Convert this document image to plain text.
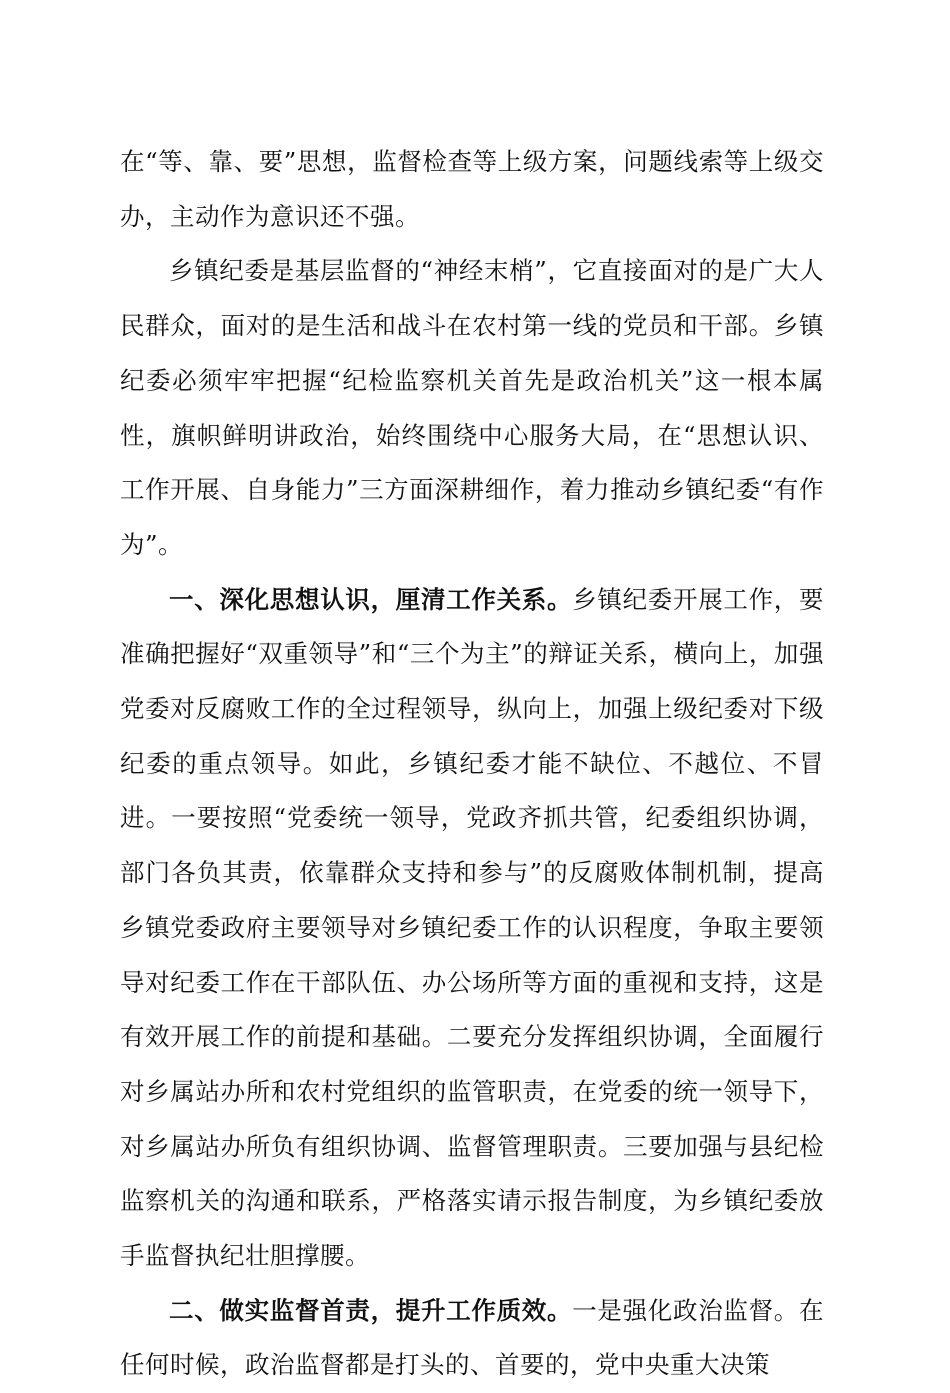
在“等、靠、要”思想，监督检查等上级方案，问题线索等上级交办，主动作为意识还不强。

乡镇纪委是基层监督的“神经末梢”，它直接面对的是广大人民群众，面对的是生活和战斗在农村第一线的党员和干部。乡镇纪委必须牢牢把握“纪检监察机关首先是政治机关”这一根本属性，旗帜鲜明讲政治，始终围绕中心服务大局，在“思想认识、工作开展、自身能力”三方面深耕细作，着力推动乡镇纪委“有作为”。

一、深化思想认识，厘清工作关系。乡镇纪委开展工作，要准确把握好“双重领导”和“三个为主”的辩证关系，横向上，加强党委对反腐败工作的全过程领导，纵向上，加强上级纪委对下级纪委的重点领导。如此，乡镇纪委才能不缺位、不越位、不冒进。一要按照“党委统一领导，党政齐抓共管，纪委组织协调，部门各负其责，依靠群众支持和参与”的反腐败体制机制，提高乡镇党委政府主要领导对乡镇纪委工作的认识程度，争取主要领导对纪委工作在干部队伍、办公场所等方面的重视和支持，这是有效开展工作的前提和基础。二要充分发挥组织协调，全面履行对乡属站办所和农村党组织的监管职责，在党委的统一领导下，对乡属站办所负有组织协调、监督管理职责。三要加强与县纪检监察机关的沟通和联系，严格落实请示报告制度，为乡镇纪委放手监督执纪壮胆撑腰。

二、做实监督首责，提升工作质效。一是强化政治监督。在任何时候，政治监督都是打头的、首要的，党中央重大决策
